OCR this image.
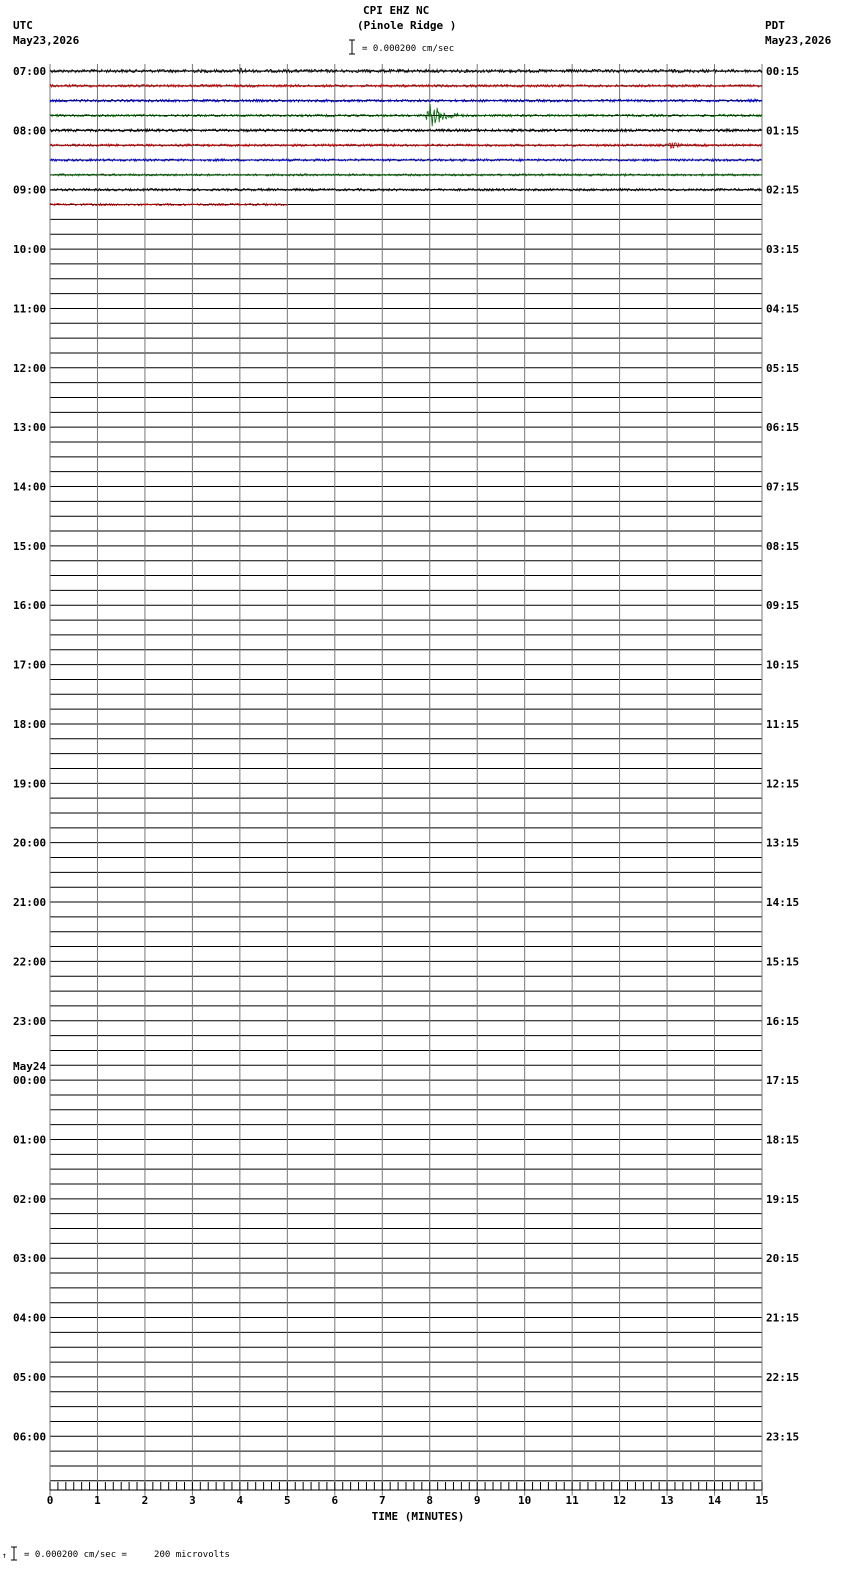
CPI EHZ NC
(Pinole Ridge )
UTC
May23,2026
PDT
May23,2026
= 0.000200 cm/sec
↑ = 0.000200 cm/sec =     200 microvolts
0	1	2	3	4	5	6	7	8	9	10	11	12	13	14	15
TIME (MINUTES)
07:00
08:00
09:00
10:00
11:00
12:00
13:00
14:00
15:00
16:00
17:00
18:00
19:00
20:00
21:00
22:00
23:00
00:00
May24
01:00
02:00
03:00
04:00
05:00
06:00
00:15
01:15
02:15
03:15
04:15
05:15
06:15
07:15
08:15
09:15
10:15
11:15
12:15
13:15
14:15
15:15
16:15
17:15
18:15
19:15
20:15
21:15
22:15
23:15
